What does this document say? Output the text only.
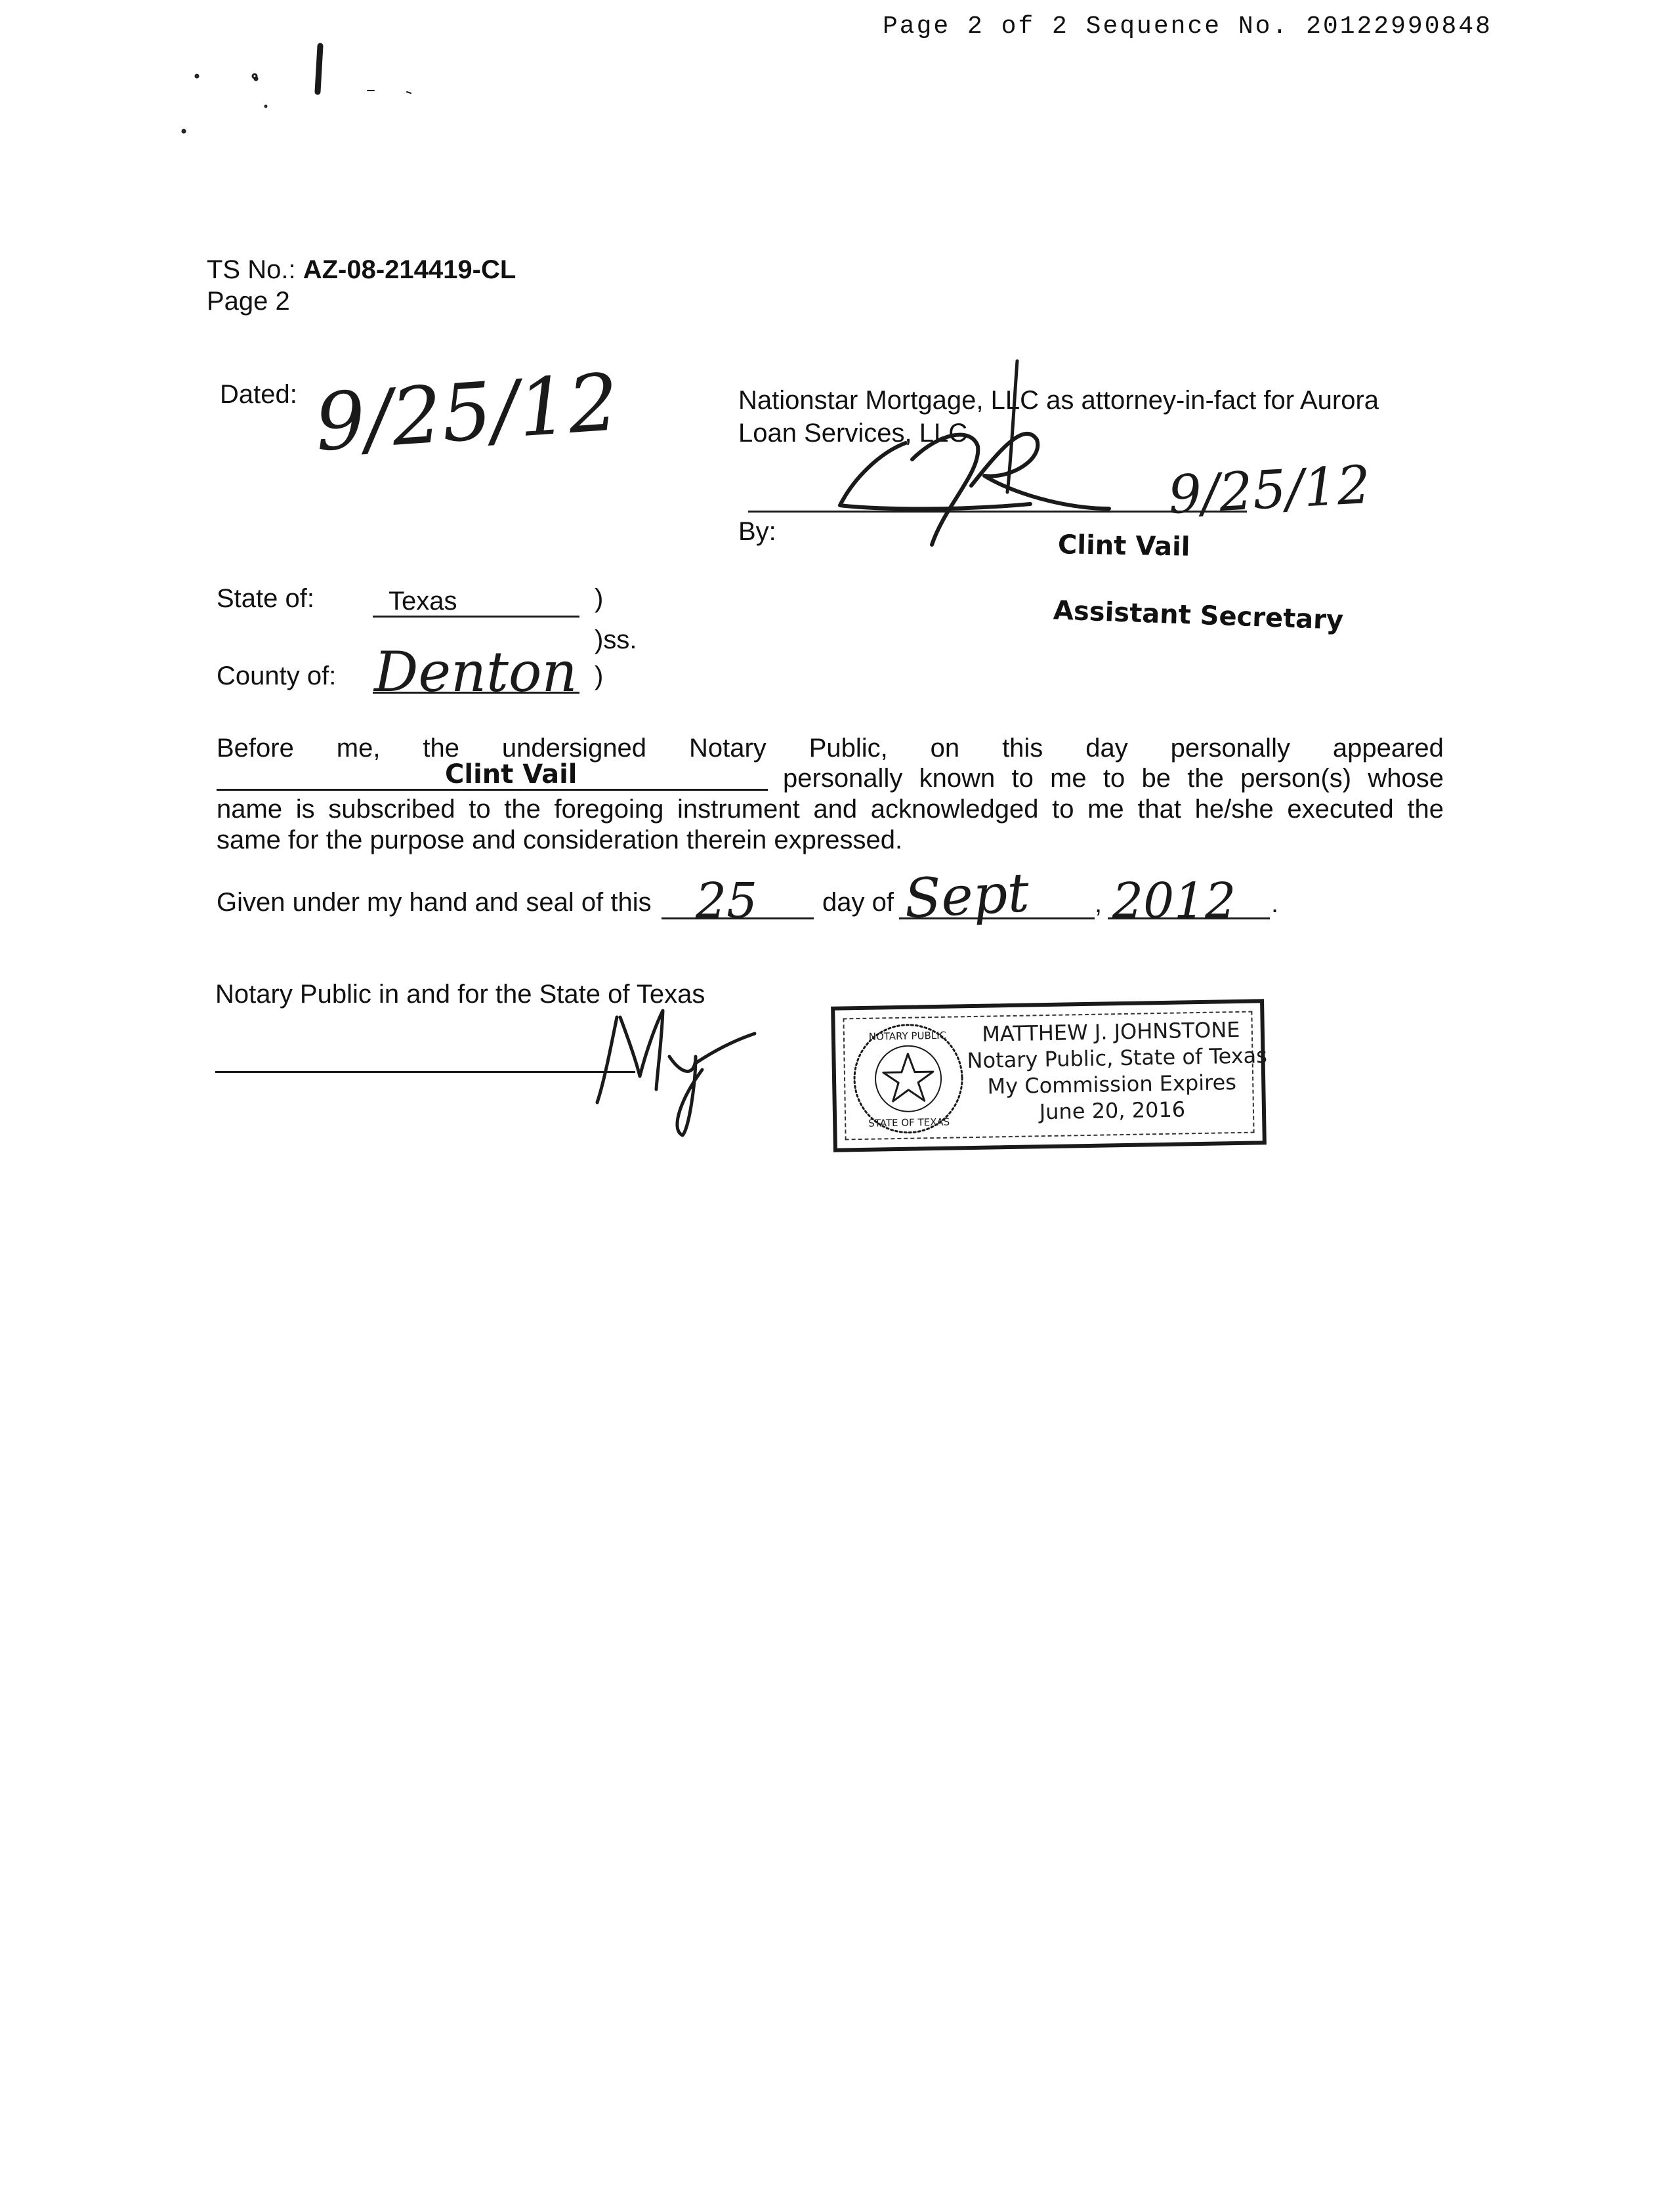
Page 2 of 2 Sequence No. 20122990848
TS No.: AZ-08-214419-CL
Page 2
Dated: 9/25/12	Nationstar Mortgage, LLC as attorney-in-fact for Aurora
Loan Services, LLC
9/25/12
By:	Clint Vail
Assistant Secretary
State of:	Texas	)
)ss.
County of: Denton )
Before me, the undersigned Notary Public, on this day personally appeared
Clint Vail	personally known to me to be the person(s) whose
name is subscribed to the foregoing instrument and acknowledged to me that he/she executed the
same for the purpose and consideration therein expressed.
Given under my hand and seal of this 25 day of Sept , 2012 .
Notary Public in and for the State of Texas
NOTARY PUBLIC
STATE OF TEXAS
MATTHEW J. JOHNSTONE
Notary Public, State of Texas
My Commission Expires
June 20, 2016
